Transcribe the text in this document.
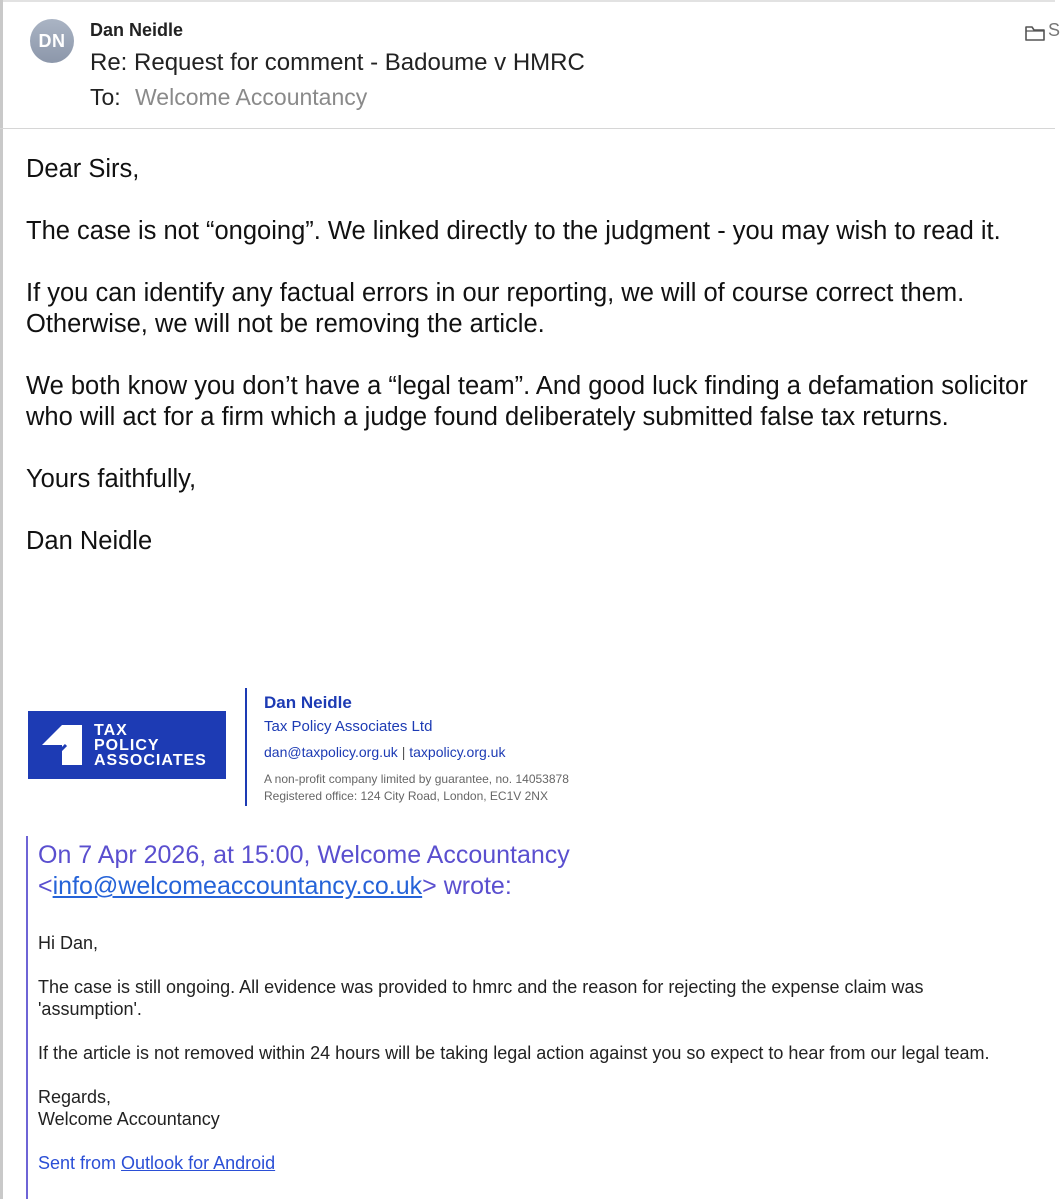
DN
Dan Neidle
Re: Request for comment - Badoume v HMRC
To: Welcome Accountancy
S

Dear Sirs,

The case is not “ongoing”. We linked directly to the judgment - you may wish to read it.

If you can identify any factual errors in our reporting, we will of course correct them. Otherwise, we will not be removing the article.

We both know you don’t have a “legal team”. And good luck finding a defamation solicitor who will act for a firm which a judge found deliberately submitted false tax returns.

Yours faithfully,

Dan Neidle

TAX
POLICY
ASSOCIATES
Dan Neidle
Tax Policy Associates Ltd
dan@taxpolicy.org.uk | taxpolicy.org.uk
A non-profit company limited by guarantee, no. 14053878
Registered office: 124 City Road, London, EC1V 2NX
On 7 Apr 2026, at 15:00, Welcome Accountancy
<info@welcomeaccountancy.co.uk> wrote:

Hi Dan,

The case is still ongoing. All evidence was provided to hmrc and the reason for rejecting the expense claim was 'assumption'.

If the article is not removed within 24 hours will be taking legal action against you so expect to hear from our legal team.

Regards,
Welcome Accountancy

Sent from Outlook for Android
